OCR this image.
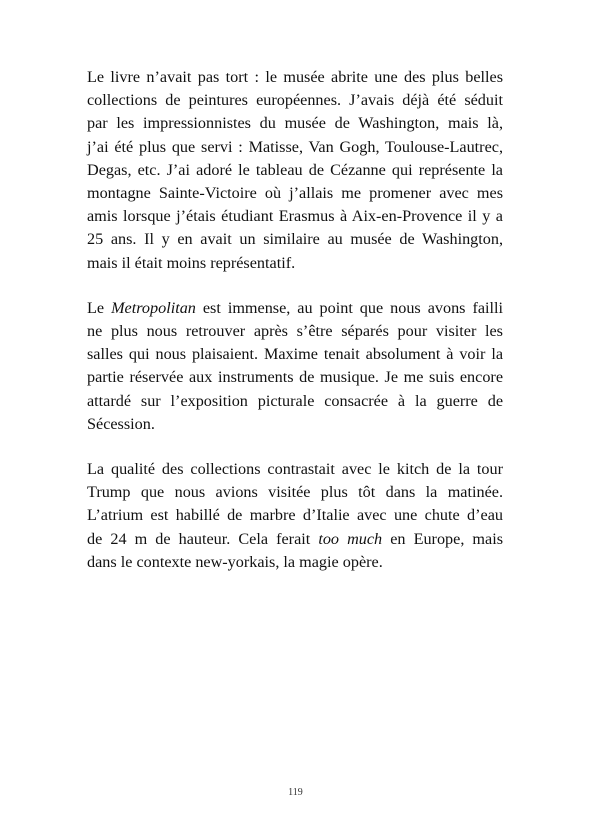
Le livre n’avait pas tort : le musée abrite une des plus belles
collections de peintures européennes. J’avais déjà été séduit
par les impressionnistes du musée de Washington, mais là,
j’ai été plus que servi : Matisse, Van Gogh, Toulouse-Lautrec,
Degas, etc. J’ai adoré le tableau de Cézanne qui représente la
montagne Sainte-Victoire où j’allais me promener avec mes
amis lorsque j’étais étudiant Erasmus à Aix-en-Provence il y a
25 ans. Il y en avait un similaire au musée de Washington,
mais il était moins représentatif.

Le Metropolitan est immense, au point que nous avons failli
ne plus nous retrouver après s’être séparés pour visiter les
salles qui nous plaisaient. Maxime tenait absolument à voir la
partie réservée aux instruments de musique. Je me suis encore
attardé sur l’exposition picturale consacrée à la guerre de
Sécession.

La qualité des collections contrastait avec le kitch de la tour
Trump que nous avions visitée plus tôt dans la matinée.
L’atrium est habillé de marbre d’Italie avec une chute d’eau
de 24 m de hauteur. Cela ferait too much en Europe, mais
dans le contexte new-yorkais, la magie opère.

119
